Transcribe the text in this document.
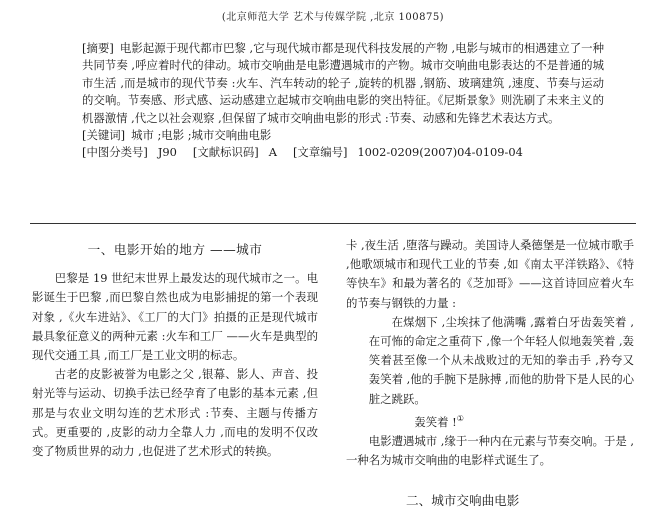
(北京师范大学 艺术与传媒学院 ,北京 100875)

[摘要] 电影起源于现代都市巴黎 ,它与现代城市都是现代科技发展的产物 ,电影与城市的相遇建立了一种共同节奏 ,呼应着时代的律动。城市交响曲是电影遭遇城市的产物。城市交响曲电影表达的不是普通的城市生活 ,而是城市的现代节奏 :火车、汽车转动的轮子 ,旋转的机器 ,钢筋、玻璃建筑 ,速度、节奏与运动的交响。节奏感、形式感、运动感建立起城市交响曲电影的突出特征。《尼斯景象》则洗刷了未来主义的机器激情 ,代之以社会观察 ,但保留了城市交响曲电影的形式 :节奏、动感和先锋艺术表达方式。

[关键词] 城市 ;电影 ;城市交响曲电影

[中图分类号] J90 [文献标识码] A [文章编号] 1002-0209(2007)04-0109-04

一、电影开始的地方 ——城市

巴黎是 19 世纪末世界上最发达的现代城市之一。电影诞生于巴黎 ,而巴黎自然也成为电影捕捉的第一个表现对象 ,《火车进站》、《工厂的大门》拍摄的正是现代城市最具象征意义的两种元素 :火车和工厂 ——火车是典型的现代交通工具 ,而工厂是工业文明的标志。

古老的皮影被誉为电影之父 ,银幕、影人、声音、投射光等与运动、切换手法已经孕育了电影的基本元素 ,但那是与农业文明勾连的艺术形式 :节奏、主题与传播方式。更重要的 ,皮影的动力全靠人力 ,而电的发明不仅改变了物质世界的动力 ,也促进了艺术形式的转换。

卡 ,夜生活 ,堕落与躁动。美国诗人桑德堡是一位城市歌手 ,他歌颂城市和现代工业的节奏 ,如《南太平洋铁路》、《特等快车》和最为著名的《芝加哥》——这首诗回应着火车的节奏与钢铁的力量 :

在煤烟下 ,尘埃抹了他满嘴 ,露着白牙齿轰笑着 ,在可怖的命定之重荷下 ,像一个年轻人似地轰笑着 ,轰笑着甚至像一个从未战败过的无知的拳击手 ,矜夸又轰笑着 ,他的手腕下是脉搏 ,而他的肋骨下是人民的心脏之跳跃。

轰笑着 !①

电影遭遇城市 ,缘于一种内在元素与节奏交响。于是 ,一种名为城市交响曲的电影样式诞生了。

二、城市交响曲电影
